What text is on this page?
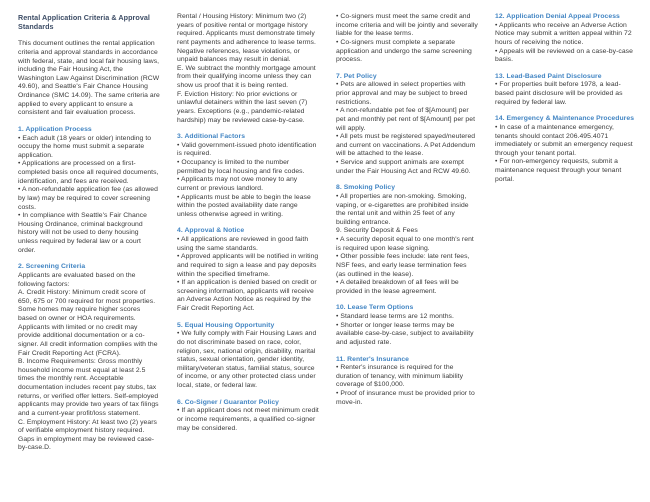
Rental Application Criteria & Approval Standards
This document outlines the rental application criteria and approval standards in accordance with federal, state, and local fair housing laws, including the Fair Housing Act, the Washington Law Against Discrimination (RCW 49.60), and Seattle's Fair Chance Housing Ordinance (SMC 14.09). The same criteria are applied to every applicant to ensure a consistent and fair evaluation process.
1. Application Process
• Each adult (18 years or older) intending to occupy the home must submit a separate application.
• Applications are processed on a first-completed basis once all required documents, identification, and fees are received.
• A non-refundable application fee (as allowed by law) may be required to cover screening costs.
• In compliance with Seattle's Fair Chance Housing Ordinance, criminal background history will not be used to deny housing unless required by federal law or a court order.
2. Screening Criteria
Applicants are evaluated based on the following factors:
A. Credit History: Minimum credit score of 650, 675 or 700 required for most properties. Some homes may require higher scores based on owner or HOA requirements. Applicants with limited or no credit may provide additional documentation or a co-signer. All credit information complies with the Fair Credit Reporting Act (FCRA).
B. Income Requirements: Gross monthly household income must equal at least 2.5 times the monthly rent. Acceptable documentation includes recent pay stubs, tax returns, or verified offer letters. Self-employed applicants may provide two years of tax filings and a current-year profit/loss statement.
C. Employment History: At least two (2) years of verifiable employment history required. Gaps in employment may be reviewed case-by-case.D.
Rental / Housing History: Minimum two (2) years of positive rental or mortgage history required. Applicants must demonstrate timely rent payments and adherence to lease terms. Negative references, lease violations, or unpaid balances may result in denial.
E. We subtract the monthly mortgage amount from their qualifying income unless they can show us proof that it is being rented.
F. Eviction History: No prior evictions or unlawful detainers within the last seven (7) years. Exceptions (e.g., pandemic-related hardship) may be reviewed case-by-case.
3. Additional Factors
• Valid government-issued photo identification is required.
• Occupancy is limited to the number permitted by local housing and fire codes.
• Applicants may not owe money to any current or previous landlord.
• Applicants must be able to begin the lease within the posted availability date range unless otherwise agreed in writing.
4. Approval & Notice
• All applications are reviewed in good faith using the same standards.
• Approved applicants will be notified in writing and required to sign a lease and pay deposits within the specified timeframe.
• If an application is denied based on credit or screening information, applicants will receive an Adverse Action Notice as required by the Fair Credit Reporting Act.
5. Equal Housing Opportunity
• We fully comply with Fair Housing Laws and do not discriminate based on race, color, religion, sex, national origin, disability, marital status, sexual orientation, gender identity, military/veteran status, familial status, source of income, or any other protected class under local, state, or federal law.
6. Co-Signer / Guarantor Policy
• If an applicant does not meet minimum credit or income requirements, a qualified co-signer may be considered.
• Co-signers must meet the same credit and income criteria and will be jointly and severally liable for the lease terms.
• Co-signers must complete a separate application and undergo the same screening process.
7. Pet Policy
• Pets are allowed in select properties with prior approval and may be subject to breed restrictions.
• A non-refundable pet fee of $[Amount] per pet and monthly pet rent of $[Amount] per pet will apply.
• All pets must be registered spayed/neutered and current on vaccinations. A Pet Addendum will be attached to the lease.
• Service and support animals are exempt under the Fair Housing Act and RCW 49.60.
8. Smoking Policy
• All properties are non-smoking. Smoking, vaping, or e-cigarettes are prohibited inside the rental unit and within 25 feet of any building entrance.
9. Security Deposit & Fees
• A security deposit equal to one month's rent is required upon lease signing.
• Other possible fees include: late rent fees, NSF fees, and early lease termination fees (as outlined in the lease).
• A detailed breakdown of all fees will be provided in the lease agreement.
10. Lease Term Options
• Standard lease terms are 12 months.
• Shorter or longer lease terms may be available case-by-case, subject to availability and adjusted rate.
11. Renter's Insurance
• Renter's insurance is required for the duration of tenancy, with minimum liability coverage of $100,000.
• Proof of insurance must be provided prior to move-in.
12. Application Denial Appeal Process
• Applicants who receive an Adverse Action Notice may submit a written appeal within 72 hours of receiving the notice.
• Appeals will be reviewed on a case-by-case basis.
13. Lead-Based Paint Disclosure
• For properties built before 1978, a lead-based paint disclosure will be provided as required by federal law.
14. Emergency & Maintenance Procedures
• In case of a maintenance emergency, tenants should contact 206.495.4071 immediately or submit an emergency request through your tenant portal.
• For non-emergency requests, submit a maintenance request through your tenant portal.
